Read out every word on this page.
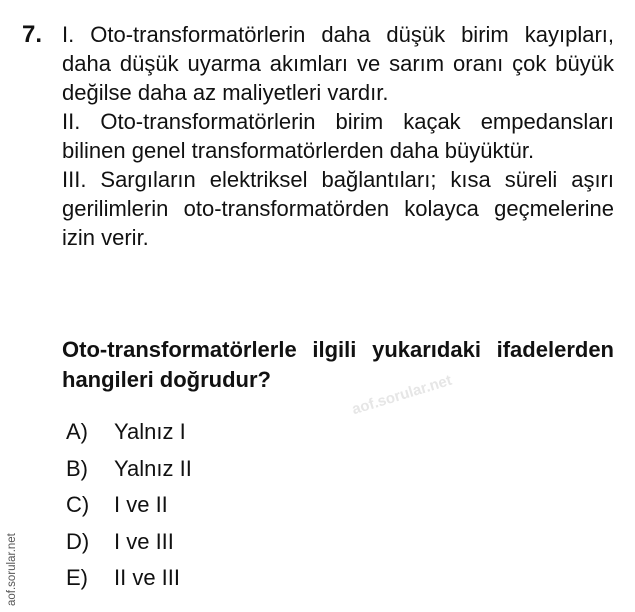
7. I. Oto-transformatörlerin daha düşük birim kayıpları, daha düşük uyarma akımları ve sarım oranı çok büyük değilse daha az maliyetleri vardır.

II. Oto-transformatörlerin birim kaçak empedansları bilinen genel transformatörlerden daha büyüktür.

III. Sargıların elektriksel bağlantıları; kısa süreli aşırı gerilimlerin oto-transformatörden kolayca geçmelerine izin verir.

Oto-transformatörlerle ilgili yukarıdaki ifadelerden hangileri doğrudur?

A) Yalnız I
B) Yalnız II
C) I ve II
D) I ve III
E) II ve III
aof.sorular.net
aof.sorular.net
